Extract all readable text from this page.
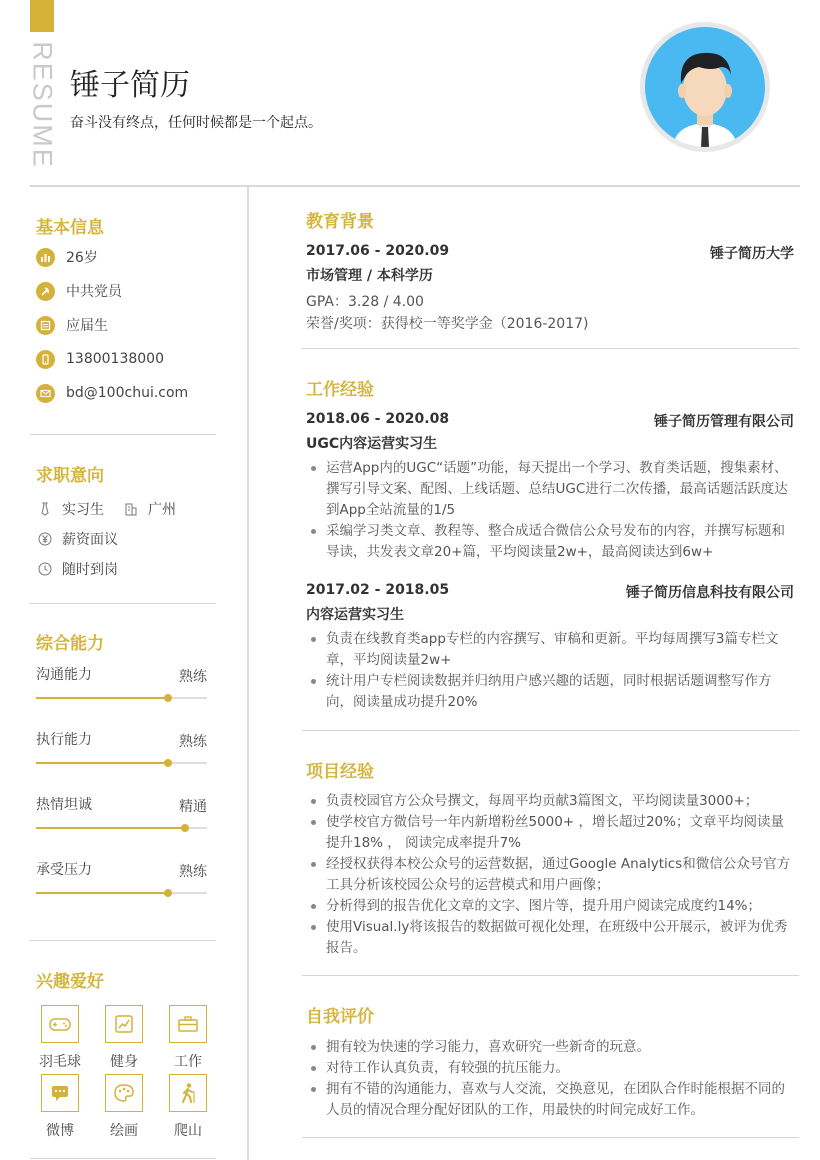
RESUME 锤子简历
奋斗没有终点，任何时候都是一个起点。
基本信息
26岁
中共党员
应届生
13800138000
bd@100chui.com
求职意向
实习生	广州
薪资面议
随时到岗
综合能力
沟通能力	熟练
执行能力	熟练
热情坦诚	精通
承受压力	熟练
兴趣爱好
羽毛球	健身	工作
微博	绘画	爬山
教育背景
2017.06 - 2020.09	锤子简历大学
市场管理 / 本科学历
GPA：3.28 / 4.00
荣誉/奖项：获得校一等奖学金（2016-2017)
工作经验
2018.06 - 2020.08	锤子简历管理有限公司
UGC内容运营实习生
运营App内的UGC“话题”功能，每天提出一个学习、教育类话题，搜集素材、撰写引导文案、配图、上线话题、总结UGC进行二次传播，最高话题活跃度达到App全站流量的1/5
采编学习类文章、教程等、整合成适合微信公众号发布的内容，并撰写标题和导读，共发表文章20+篇，平均阅读量2w+，最高阅读达到6w+
2017.02 - 2018.05	锤子简历信息科技有限公司
内容运营实习生
负责在线教育类app专栏的内容撰写、审稿和更新。平均每周撰写3篇专栏文章，平均阅读量2w+
统计用户专栏阅读数据并归纳用户感兴趣的话题，同时根据话题调整写作方向，阅读量成功提升20%
项目经验
负责校园官方公众号撰文，每周平均贡献3篇图文，平均阅读量3000+；
使学校官方微信号一年内新增粉丝5000+ ，增长超过20%；文章平均阅读量提升18% ， 阅读完成率提升7%
经授权获得本校公众号的运营数据，通过Google Analytics和微信公众号官方工具分析该校园公众号的运营模式和用户画像；
分析得到的报告优化文章的文字、图片等，提升用户阅读完成度约14%；
使用Visual.ly将该报告的数据做可视化处理，在班级中公开展示，被评为优秀报告。
自我评价
拥有较为快速的学习能力，喜欢研究一些新奇的玩意。
对待工作认真负责，有较强的抗压能力。
拥有不错的沟通能力，喜欢与人交流，交换意见，在团队合作时能根据不同的人员的情况合理分配好团队的工作，用最快的时间完成好工作。
